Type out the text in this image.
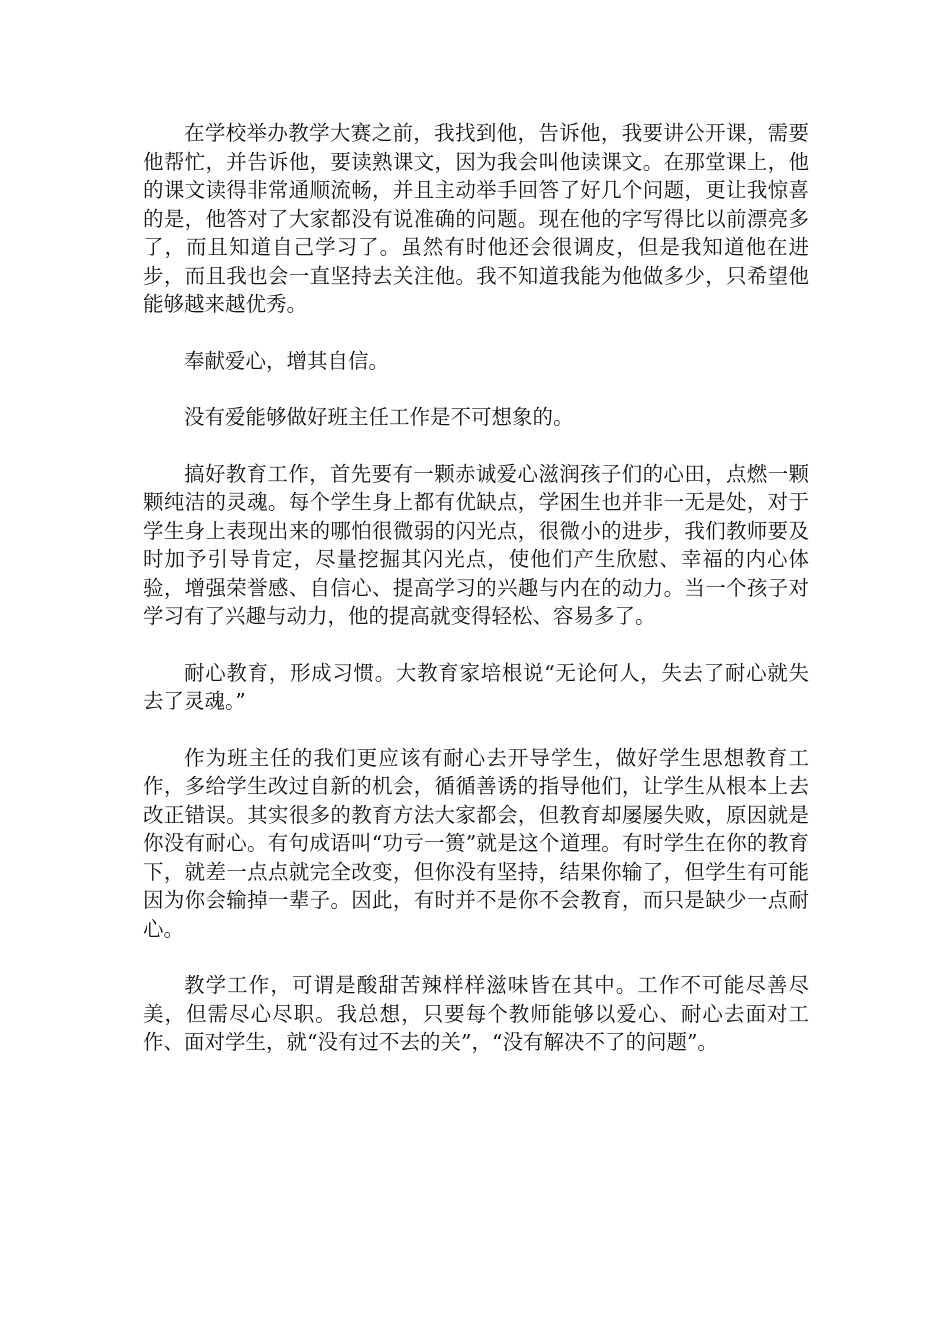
在学校举办教学大赛之前，我找到他，告诉他，我要讲公开课，需要他帮忙，并告诉他，要读熟课文，因为我会叫他读课文。在那堂课上，他的课文读得非常通顺流畅，并且主动举手回答了好几个问题，更让我惊喜的是，他答对了大家都没有说准确的问题。现在他的字写得比以前漂亮多了，而且知道自己学习了。虽然有时他还会很调皮，但是我知道他在进步，而且我也会一直坚持去关注他。我不知道我能为他做多少，只希望他能够越来越优秀。

奉献爱心，增其自信。

没有爱能够做好班主任工作是不可想象的。

搞好教育工作，首先要有一颗赤诚爱心滋润孩子们的心田，点燃一颗颗纯洁的灵魂。每个学生身上都有优缺点，学困生也并非一无是处，对于学生身上表现出来的哪怕很微弱的闪光点，很微小的进步，我们教师要及时加予引导肯定，尽量挖掘其闪光点，使他们产生欣慰、幸福的内心体验，增强荣誉感、自信心、提高学习的兴趣与内在的动力。当一个孩子对学习有了兴趣与动力，他的提高就变得轻松、容易多了。

耐心教育，形成习惯。大教育家培根说“无论何人，失去了耐心就失去了灵魂。”

作为班主任的我们更应该有耐心去开导学生，做好学生思想教育工作，多给学生改过自新的机会，循循善诱的指导他们，让学生从根本上去改正错误。其实很多的教育方法大家都会，但教育却屡屡失败，原因就是你没有耐心。有句成语叫“功亏一篑”就是这个道理。有时学生在你的教育下，就差一点点就完全改变，但你没有坚持，结果你输了，但学生有可能因为你会输掉一辈子。因此，有时并不是你不会教育，而只是缺少一点耐心。

教学工作，可谓是酸甜苦辣样样滋味皆在其中。工作不可能尽善尽美，但需尽心尽职。我总想，只要每个教师能够以爱心、耐心去面对工作、面对学生，就“没有过不去的关”，“没有解决不了的问题”。
